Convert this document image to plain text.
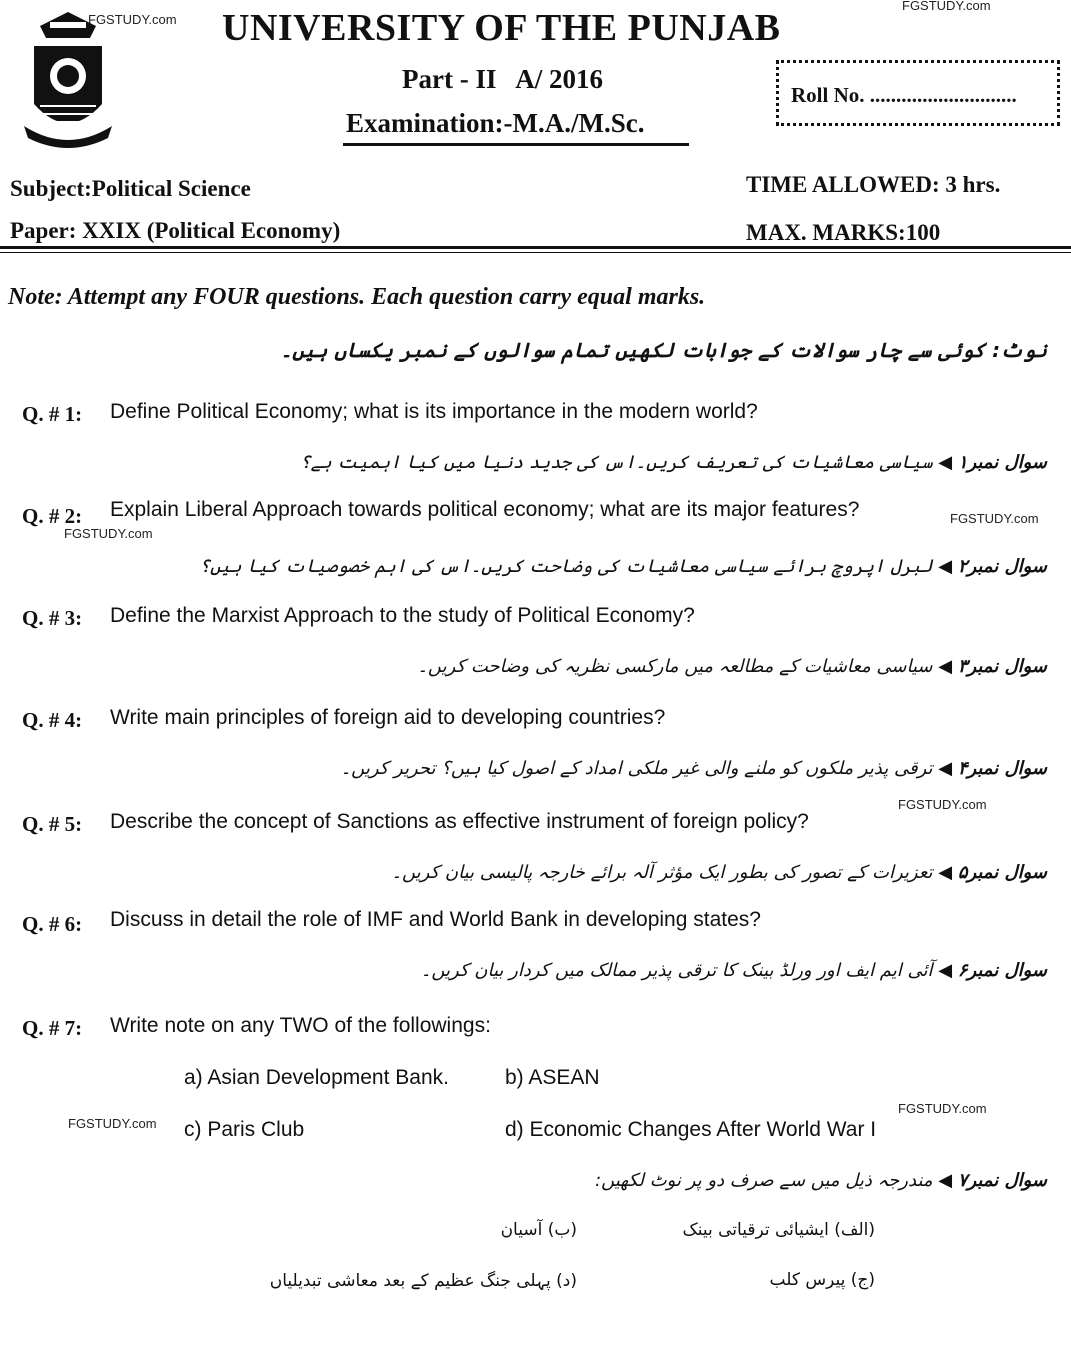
FGSTUDY.com
FGSTUDY.com
FGSTUDY.com
FGSTUDY.com
FGSTUDY.com
FGSTUDY.com
FGSTUDY.com
UNIVERSITY OF THE PUNJAB
Part - II   A/ 2016
Examination:-M.A./M.Sc.
Roll No. ............................
Subject:Political Science
Paper: XXIX (Political Economy)
TIME ALLOWED: 3 hrs.
MAX. MARKS:100
Note: Attempt any FOUR questions. Each question carry equal marks.
نوٹ: کوئی سے چار سوالات کے جوابات لکھیں تمام سوالوں کے نمبر یکساں ہیں۔
Q. # 1: Define Political Economy; what is its importance in the modern world?
سوال نمبر۱ ◀ سیاسی معاشیات کی تعریف کریں۔اس کی جدید دنیا میں کیا اہمیت ہے؟
Q. # 2: Explain Liberal Approach towards political economy; what are its major features?
سوال نمبر۲ ◀ لبرل اپروچ برائے سیاسی معاشیات کی وضاحت کریں۔اس کی اہم خصوصیات کیا ہیں؟
Q. # 3: Define the Marxist Approach to the study of Political Economy?
سوال نمبر۳ ◀ سیاسی معاشیات کے مطالعہ میں مارکسی نظریہ کی وضاحت کریں۔
Q. # 4: Write main principles of foreign aid to developing countries?
سوال نمبر۴ ◀ ترقی پذیر ملکوں کو ملنے والی غیر ملکی امداد کے اصول کیا ہیں؟ تحریر کریں۔
Q. # 5: Describe the concept of Sanctions as effective instrument of foreign policy?
سوال نمبر۵ ◀ تعزیرات کے تصور کی بطور ایک مؤثر آلہ برائے خارجہ پالیسی بیان کریں۔
Q. # 6: Discuss in detail the role of IMF and World Bank in developing states?
سوال نمبر۶ ◀ آئی ایم ایف اور ورلڈ بینک کا ترقی پذیر ممالک میں کردار بیان کریں۔
Q. # 7: Write note on any TWO of the followings:
a) Asian Development Bank.	b) ASEAN
c) Paris Club	d) Economic Changes After World War I
سوال نمبر۷ ◀ مندرجہ ذیل میں سے صرف دو پر نوٹ لکھیں:
(الف) ایشیائی ترقیاتی بینک
(ب) آسیان
(ج) پیرس کلب
(د) پہلی جنگ عظیم کے بعد معاشی تبدیلیاں
